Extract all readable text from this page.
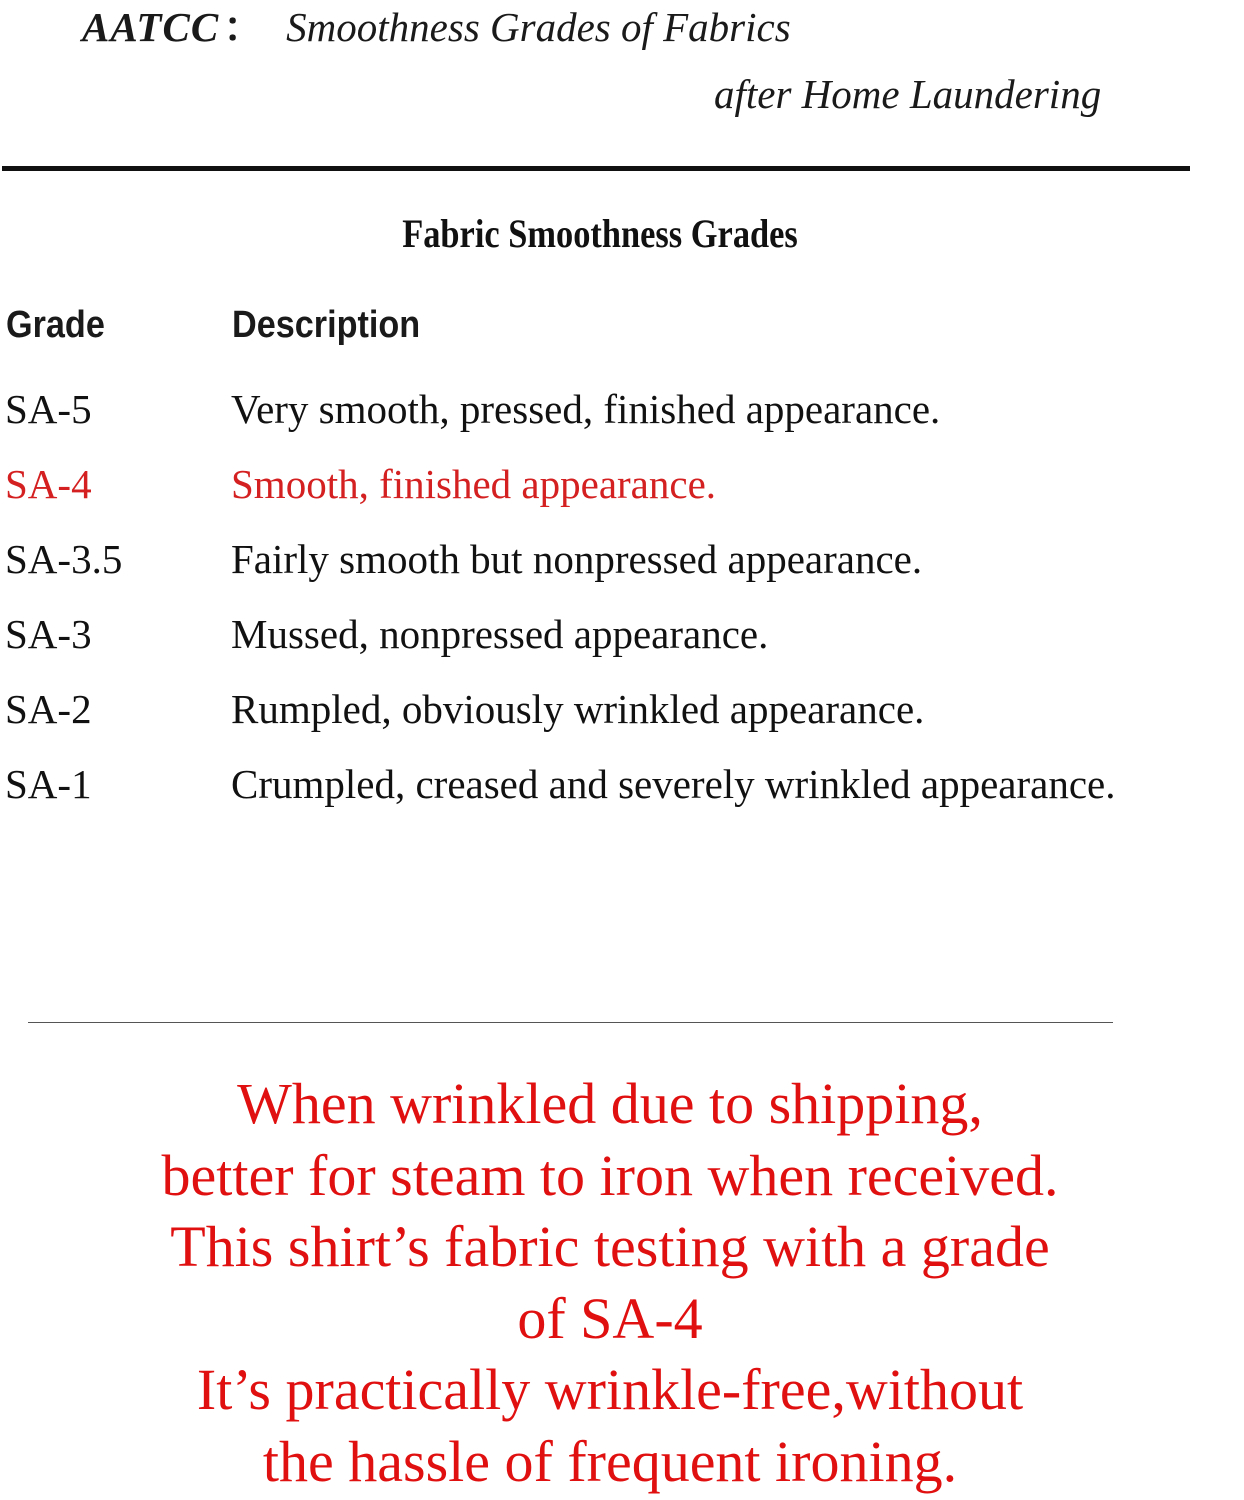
AATCC： Smoothness Grades of Fabrics
after Home Laundering
Fabric Smoothness Grades
Grade	Description
SA-5	Very smooth, pressed, finished appearance.
SA-4	Smooth, finished appearance.
SA-3.5	Fairly smooth but nonpressed appearance.
SA-3	Mussed, nonpressed appearance.
SA-2	Rumpled, obviously wrinkled appearance.
SA-1	Crumpled, creased and severely wrinkled appearance.
When wrinkled due to shipping,
better for steam to iron when received.
This shirt’s fabric testing with a grade
of SA-4
It’s practically wrinkle-free,without
the hassle of frequent ironing.
